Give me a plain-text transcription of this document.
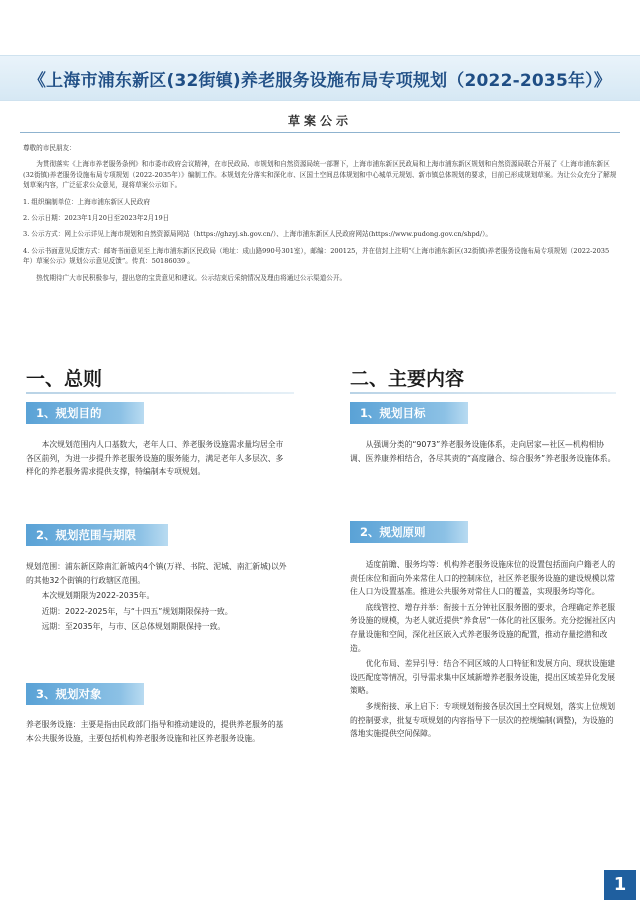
《上海市浦东新区(32街镇)养老服务设施布局专项规划（2022-2035年）》
草案公示

尊敬的市民朋友：

为贯彻落实《上海市养老服务条例》和市委市政府会议精神，在市民政局、市规划和自然资源局统一部署下，上海市浦东新区民政局和上海市浦东新区规划和自然资源局联合开展了《上海市浦东新区(32街镇)养老服务设施布局专项规划（2022-2035年）》编制工作。本规划充分落实和深化市、区国土空间总体规划和中心城单元规划、新市镇总体规划的要求，目前已形成规划草案。为让公众充分了解规划草案内容，广泛征求公众意见，现将草案公示如下。

1. 组织编制单位：上海市浦东新区人民政府

2. 公示日期：2023年1月20日至2023年2月19日

3. 公示方式：网上公示详见上海市规划和自然资源局网站（https://ghzyj.sh.gov.cn/）、上海市浦东新区人民政府网站(https://www.pudong.gov.cn/shpd/）。

4. 公示书面意见反馈方式：邮寄书面意见至上海市浦东新区民政局（地址：成山路990号301室），邮编：200125，并在信封上注明“《上海市浦东新区(32街镇)养老服务设施布局专项规划（2022-2035年）草案公示》规划公示意见反馈”。传真：50186039 。

热忱期待广大市民积极参与，提出您的宝贵意见和建议。公示结束后采纳情况及理由将通过公示渠道公开。

一、总则
1、规划目的

本次规划范围内人口基数大，老年人口、养老服务设施需求量均居全市各区前列，为进一步提升养老服务设施的服务能力，满足老年人多层次、多样化的养老服务需求提供支撑，特编制本专项规划。

2、规划范围与期限

规划范围：浦东新区除南汇新城内4个镇(万祥、书院、泥城、南汇新城)以外的其他32个街镇的行政辖区范围。

本次规划期限为2022-2035年。

近期：2022-2025年，与“十四五”规划期限保持一致。

远期：至2035年，与市、区总体规划期限保持一致。

3、规划对象

养老服务设施：主要是指由民政部门指导和推动建设的，提供养老服务的基本公共服务设施，主要包括机构养老服务设施和社区养老服务设施。

二、主要内容
1、规划目标

从强调分类的“9073”养老服务设施体系，走向居家—社区—机构相协调、医养康养相结合，各尽其责的“高度融合、综合服务”养老服务设施体系。

2、规划原则

适度前瞻、服务均等：机构养老服务设施床位的设置包括面向户籍老人的责任床位和面向外来常住人口的控制床位，社区养老服务设施的建设规模以常住人口为设置基准。推进公共服务对常住人口的覆盖，实现服务均等化。

底线管控、增存并举：衔接十五分钟社区服务圈的要求，合理确定养老服务设施的规模，为老人就近提供“养食居”一体化的社区服务。充分挖掘社区内存量设施和空间，深化社区嵌入式养老服务设施的配置，推动存量挖潜和改造。

优化布局、差异引导：结合不同区域的人口特征和发展方向、现状设施建设匹配度等情况，引导需求集中区域新增养老服务设施，提出区域差异化发展策略。

多规衔接、承上启下：专项规划衔接各层次国土空间规划，落实上位规划的控制要求，批复专项规划的内容指导下一层次的控规编制(调整)，为设施的落地实施提供空间保障。

1
